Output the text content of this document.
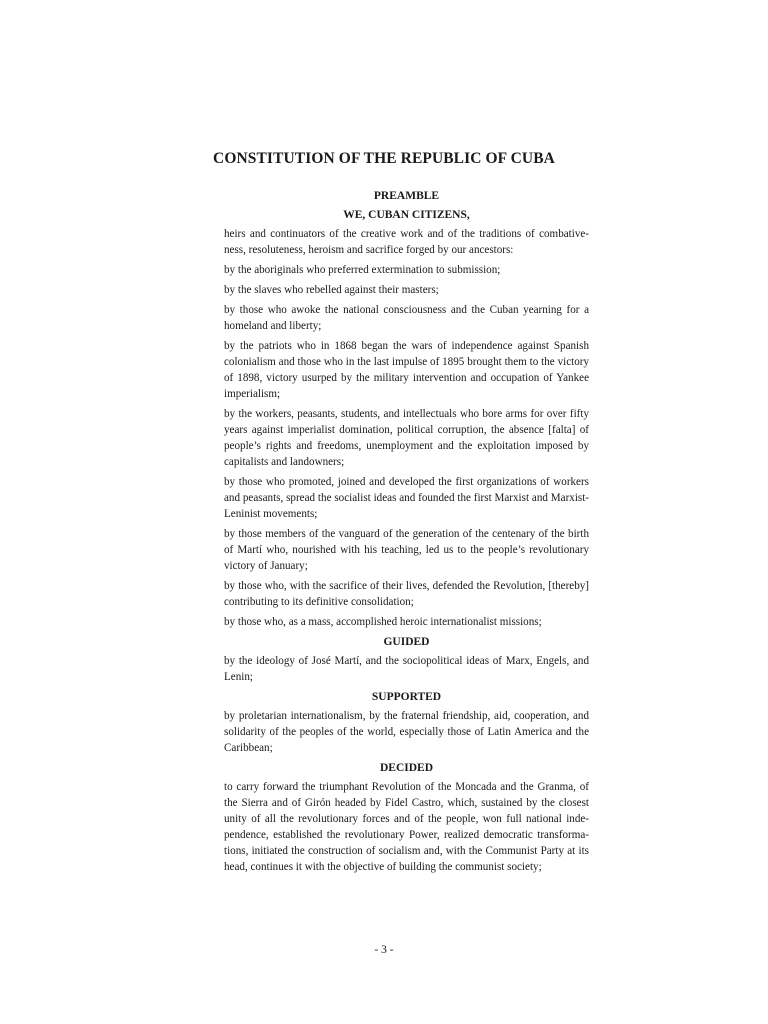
CONSTITUTION OF THE REPUBLIC OF CUBA
PREAMBLE
WE, CUBAN CITIZENS,

heirs and continuators of the creative work and of the traditions of combative-ness, resoluteness, heroism and sacrifice forged by our ancestors:

by the aboriginals who preferred extermination to submission;

by the slaves who rebelled against their masters;

by those who awoke the national consciousness and the Cuban yearning for a homeland and liberty;

by the patriots who in 1868 began the wars of independence against Spanish colonialism and those who in the last impulse of 1895 brought them to the victory of 1898, victory usurped by the military intervention and occupation of Yankee imperialism;

by the workers, peasants, students, and intellectuals who bore arms for over fifty years against imperialist domination, political corruption, the absence [falta] of people’s rights and freedoms, unemployment and the exploitation imposed by capitalists and landowners;

by those who promoted, joined and developed the first organizations of workers and peasants, spread the socialist ideas and founded the first Marxist and Marxist-Leninist movements;

by those members of the vanguard of the generation of the centenary of the birth of Martí who, nourished with his teaching, led us to the people’s revolutionary victory of January;

by those who, with the sacrifice of their lives, defended the Revolution, [thereby] contributing to its definitive consolidation;

by those who, as a mass, accomplished heroic internationalist missions;

GUIDED

by the ideology of José Martí, and the sociopolitical ideas of Marx, Engels, and Lenin;

SUPPORTED

by proletarian internationalism, by the fraternal friendship, aid, cooperation, and solidarity of the peoples of the world, especially those of Latin America and the Caribbean;

DECIDED

to carry forward the triumphant Revolution of the Moncada and the Granma, of the Sierra and of Girón headed by Fidel Castro, which, sustained by the closest unity of all the revolutionary forces and of the people, won full national inde-pendence, established the revolutionary Power, realized democratic transforma-tions, initiated the construction of socialism and, with the Communist Party at its head, continues it with the objective of building the communist society;

- 3 -
